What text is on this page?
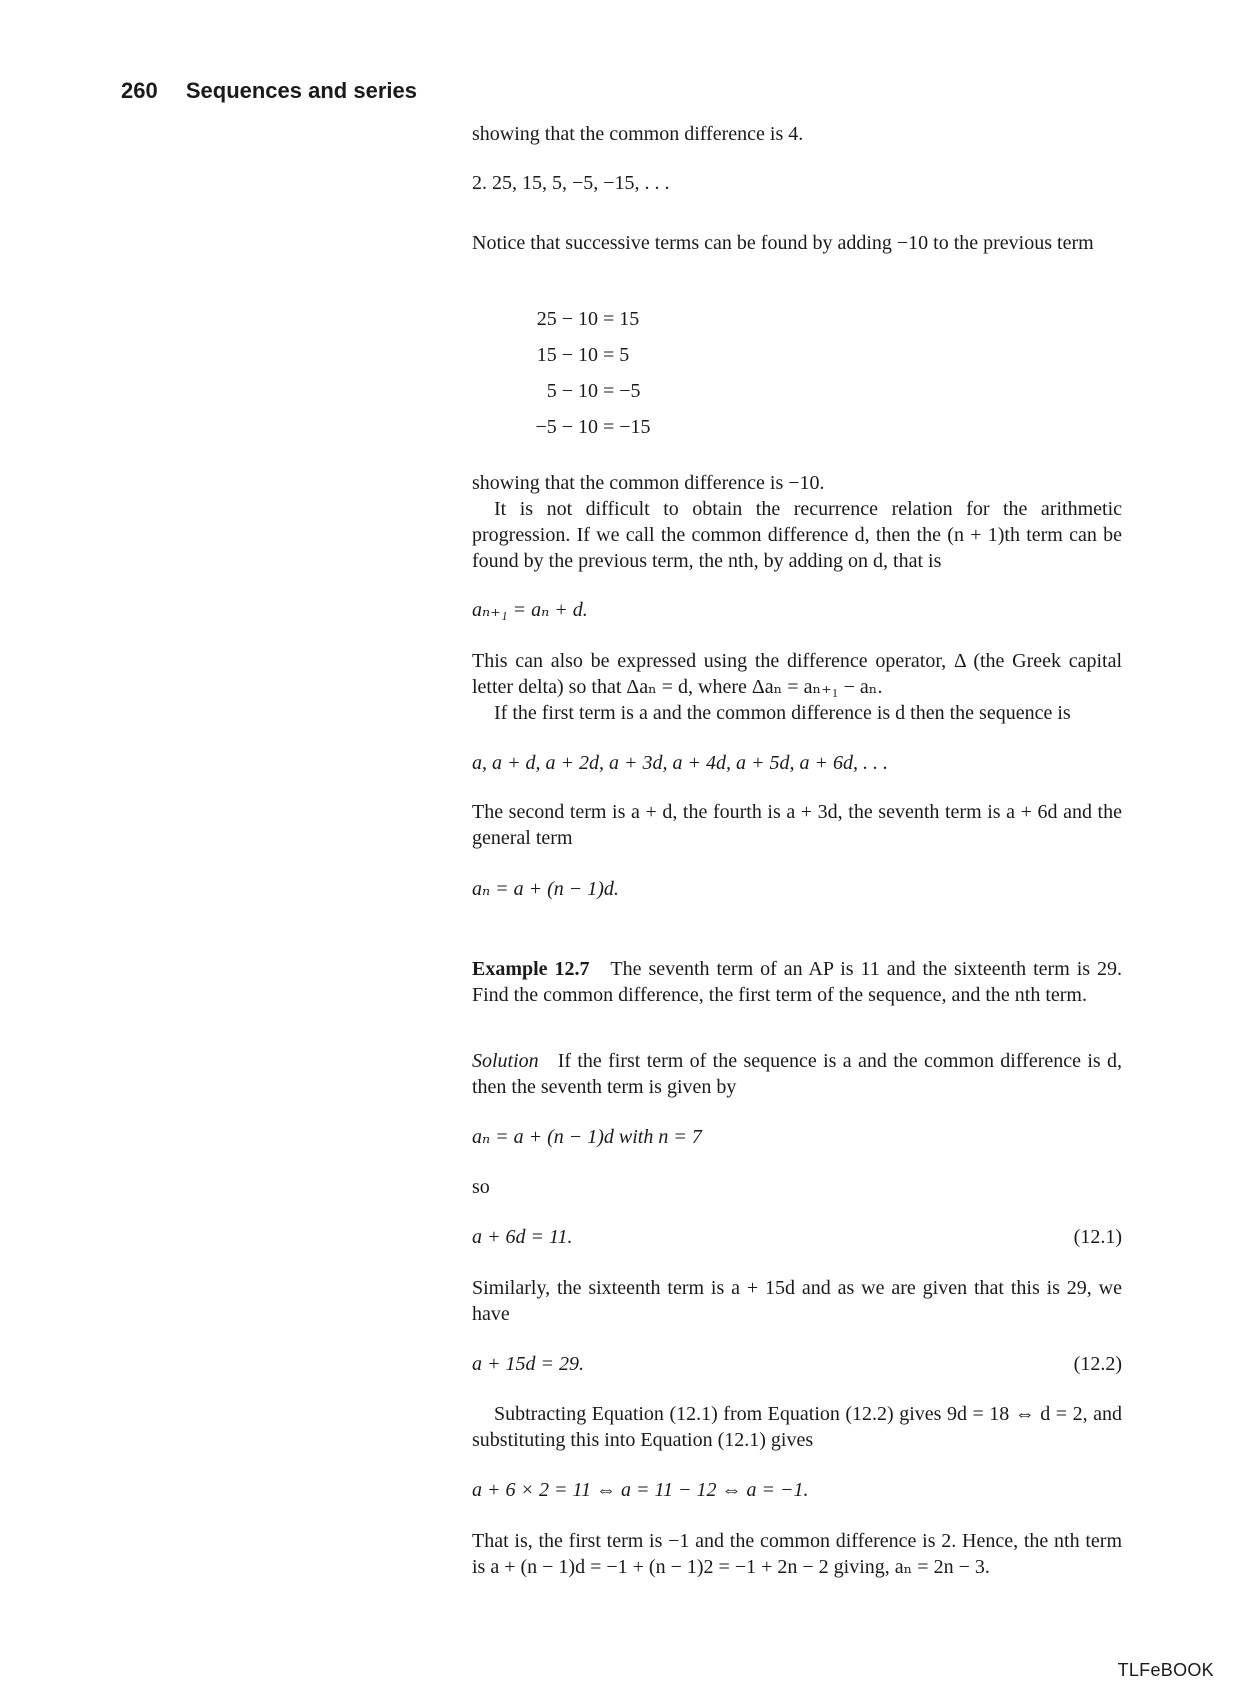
260 Sequences and series
showing that the common difference is 4.
2. 25, 15, 5, −5, −15, . . .
Notice that successive terms can be found by adding −10 to the previous term
25 − 10 = 15
15 − 10 = 5
5 − 10 = −5
−5 − 10 = −15
showing that the common difference is −10.
It is not difficult to obtain the recurrence relation for the arithmetic progression. If we call the common difference d, then the (n + 1)th term can be found by the previous term, the nth, by adding on d, that is
aₙ₊₁ = aₙ + d.
This can also be expressed using the difference operator, Δ (the Greek capital letter delta) so that Δaₙ = d, where Δaₙ = aₙ₊₁ − aₙ.
If the first term is a and the common difference is d then the sequence is
a, a + d, a + 2d, a + 3d, a + 4d, a + 5d, a + 6d, . . .
The second term is a + d, the fourth is a + 3d, the seventh term is a + 6d and the general term
aₙ = a + (n − 1)d.
Example 12.7 The seventh term of an AP is 11 and the sixteenth term is 29. Find the common difference, the first term of the sequence, and the nth term.
Solution If the first term of the sequence is a and the common difference is d, then the seventh term is given by
aₙ = a + (n − 1)d with n = 7
so
a + 6d = 11.	(12.1)
Similarly, the sixteenth term is a + 15d and as we are given that this is 29, we have
a + 15d = 29.	(12.2)
Subtracting Equation (12.1) from Equation (12.2) gives 9d = 18 ⇔ d = 2, and substituting this into Equation (12.1) gives
a + 6 × 2 = 11 ⇔ a = 11 − 12 ⇔ a = −1.
That is, the first term is −1 and the common difference is 2. Hence, the nth term is a + (n − 1)d = −1 + (n − 1)2 = −1 + 2n − 2 giving, aₙ = 2n − 3.
TLFeBOOK
